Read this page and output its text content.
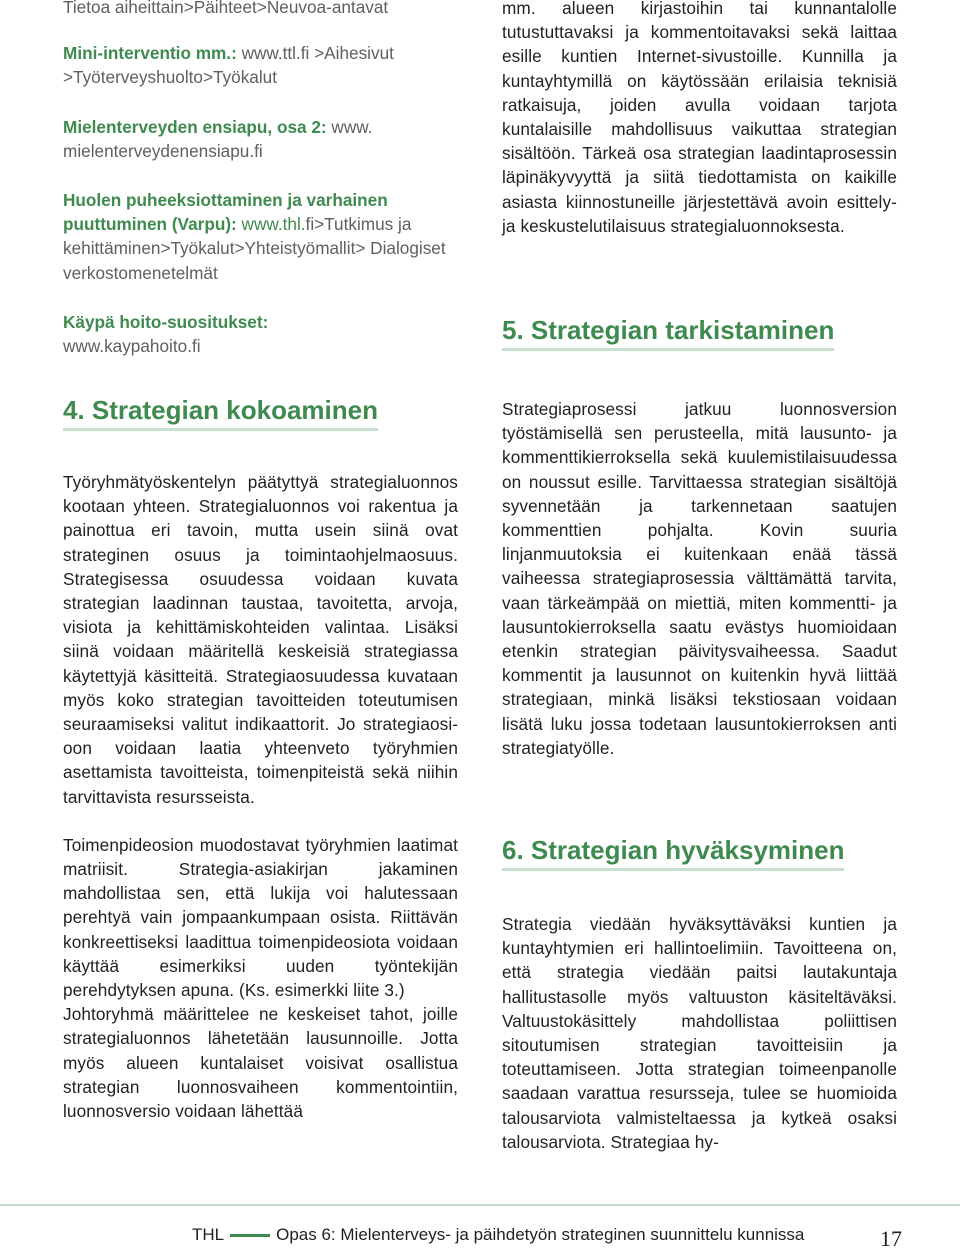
Tietoa aiheittain>Päihteet>Neuvoa-antavat

Mini-interventio mm.: www.ttl.fi >Aihesivut >Työterveyshuolto>Työkalut

Mielenterveyden ensiapu, osa 2: www. mielenterveydenensiapu.fi

Huolen puheeksiottaminen ja varhainen puuttuminen (Varpu): www.thl.fi>Tutkimus ja kehittäminen>Työkalut>Yhteistyömallit> Dialogiset verkostomenetelmät

Käypä hoito-suositukset:
www.kaypahoito.fi

4. Strategian kokoaminen

Työryhmätyöskentelyn päätyttyä strategialuonnos kootaan yhteen. Strategialuonnos voi rakentua ja painottua eri tavoin, mutta usein siinä ovat strateginen osuus ja toimintaohjelmaosuus. Strategisessa osuudessa voidaan kuvata strategian laadinnan taustaa, tavoitetta, arvoja, visiota ja kehittämiskohteiden valintaa. Lisäksi siinä voidaan määritellä keskeisiä strategiassa käytettyjä käsitteitä. Strategiaosuudessa kuvataan myös koko strategian tavoitteiden toteutumisen seuraamiseksi valitut indikaattorit. Jo strategiaosioon voidaan laatia yhteenveto työryhmien asettamista tavoitteista, toimenpiteistä sekä niihin tarvittavista resursseista.

Toimenpideosion muodostavat työryhmien laatimat matriisit. Strategia-asiakirjan jakaminen mahdollistaa sen, että lukija voi halutessaan perehtyä vain jompaankumpaan osista. Riittävän konkreettiseksi laadittua toimenpideosiota voidaan käyttää esimerkiksi uuden työntekijän perehdytyksen apuna. (Ks. esimerkki liite 3.)

Johtoryhmä määrittelee ne keskeiset tahot, joille strategialuonnos lähetetään lausunnoille. Jotta myös alueen kuntalaiset voisivat osallistua strategian luonnosvaiheen kommentointiin, luonnosversio voidaan lähettää

mm. alueen kirjastoihin tai kunnantalolle tutustuttavaksi ja kommentoitavaksi sekä laittaa esille kuntien Internet-sivustoille. Kunnilla ja kuntayhtymillä on käytössään erilaisia teknisiä ratkaisuja, joiden avulla voidaan tarjota kuntalaisille mahdollisuus vaikuttaa strategian sisältöön. Tärkeä osa strategian laadintaprosessin läpinäkyvyyttä ja siitä tiedottamista on kaikille asiasta kiinnostuneille järjestettävä avoin esittely- ja keskustelutilaisuus strategialuonnoksesta.

5. Strategian tarkistaminen

Strategiaprosessi jatkuu luonnosversion työstämisellä sen perusteella, mitä lausunto- ja kommenttikierroksella sekä kuulemistilaisuudessa on noussut esille. Tarvittaessa strategian sisältöjä syvennetään ja tarkennetaan saatujen kommenttien pohjalta. Kovin suuria linjanmuutoksia ei kuitenkaan enää tässä vaiheessa strategiaprosessia välttämättä tarvita, vaan tärkeämpää on miettiä, miten kommentti- ja lausuntokierroksella saatu evästys huomioidaan etenkin strategian päivitysvaiheessa. Saadut kommentit ja lausunnot on kuitenkin hyvä liittää strategiaan, minkä lisäksi tekstiosaan voidaan lisätä luku jossa todetaan lausuntokierroksen anti strategiatyölle.

6. Strategian hyväksyminen

Strategia viedään hyväksyttäväksi kuntien ja kuntayhtymien eri hallintoelimiin. Tavoitteena on, että strategia viedään paitsi lautakuntaja hallitustasolle myös valtuuston käsiteltäväksi. Valtuustokäsittely mahdollistaa poliittisen sitoutumisen strategian tavoitteisiin ja toteuttamiseen. Jotta strategian toimeenpanolle saadaan varattua resursseja, tulee se huomioida talousarviota valmisteltaessa ja kytkeä osaksi talousarviota. Strategiaa hy-

THL	Opas 6: Mielenterveys- ja päihdetyön strateginen suunnittelu kunnissa	17
